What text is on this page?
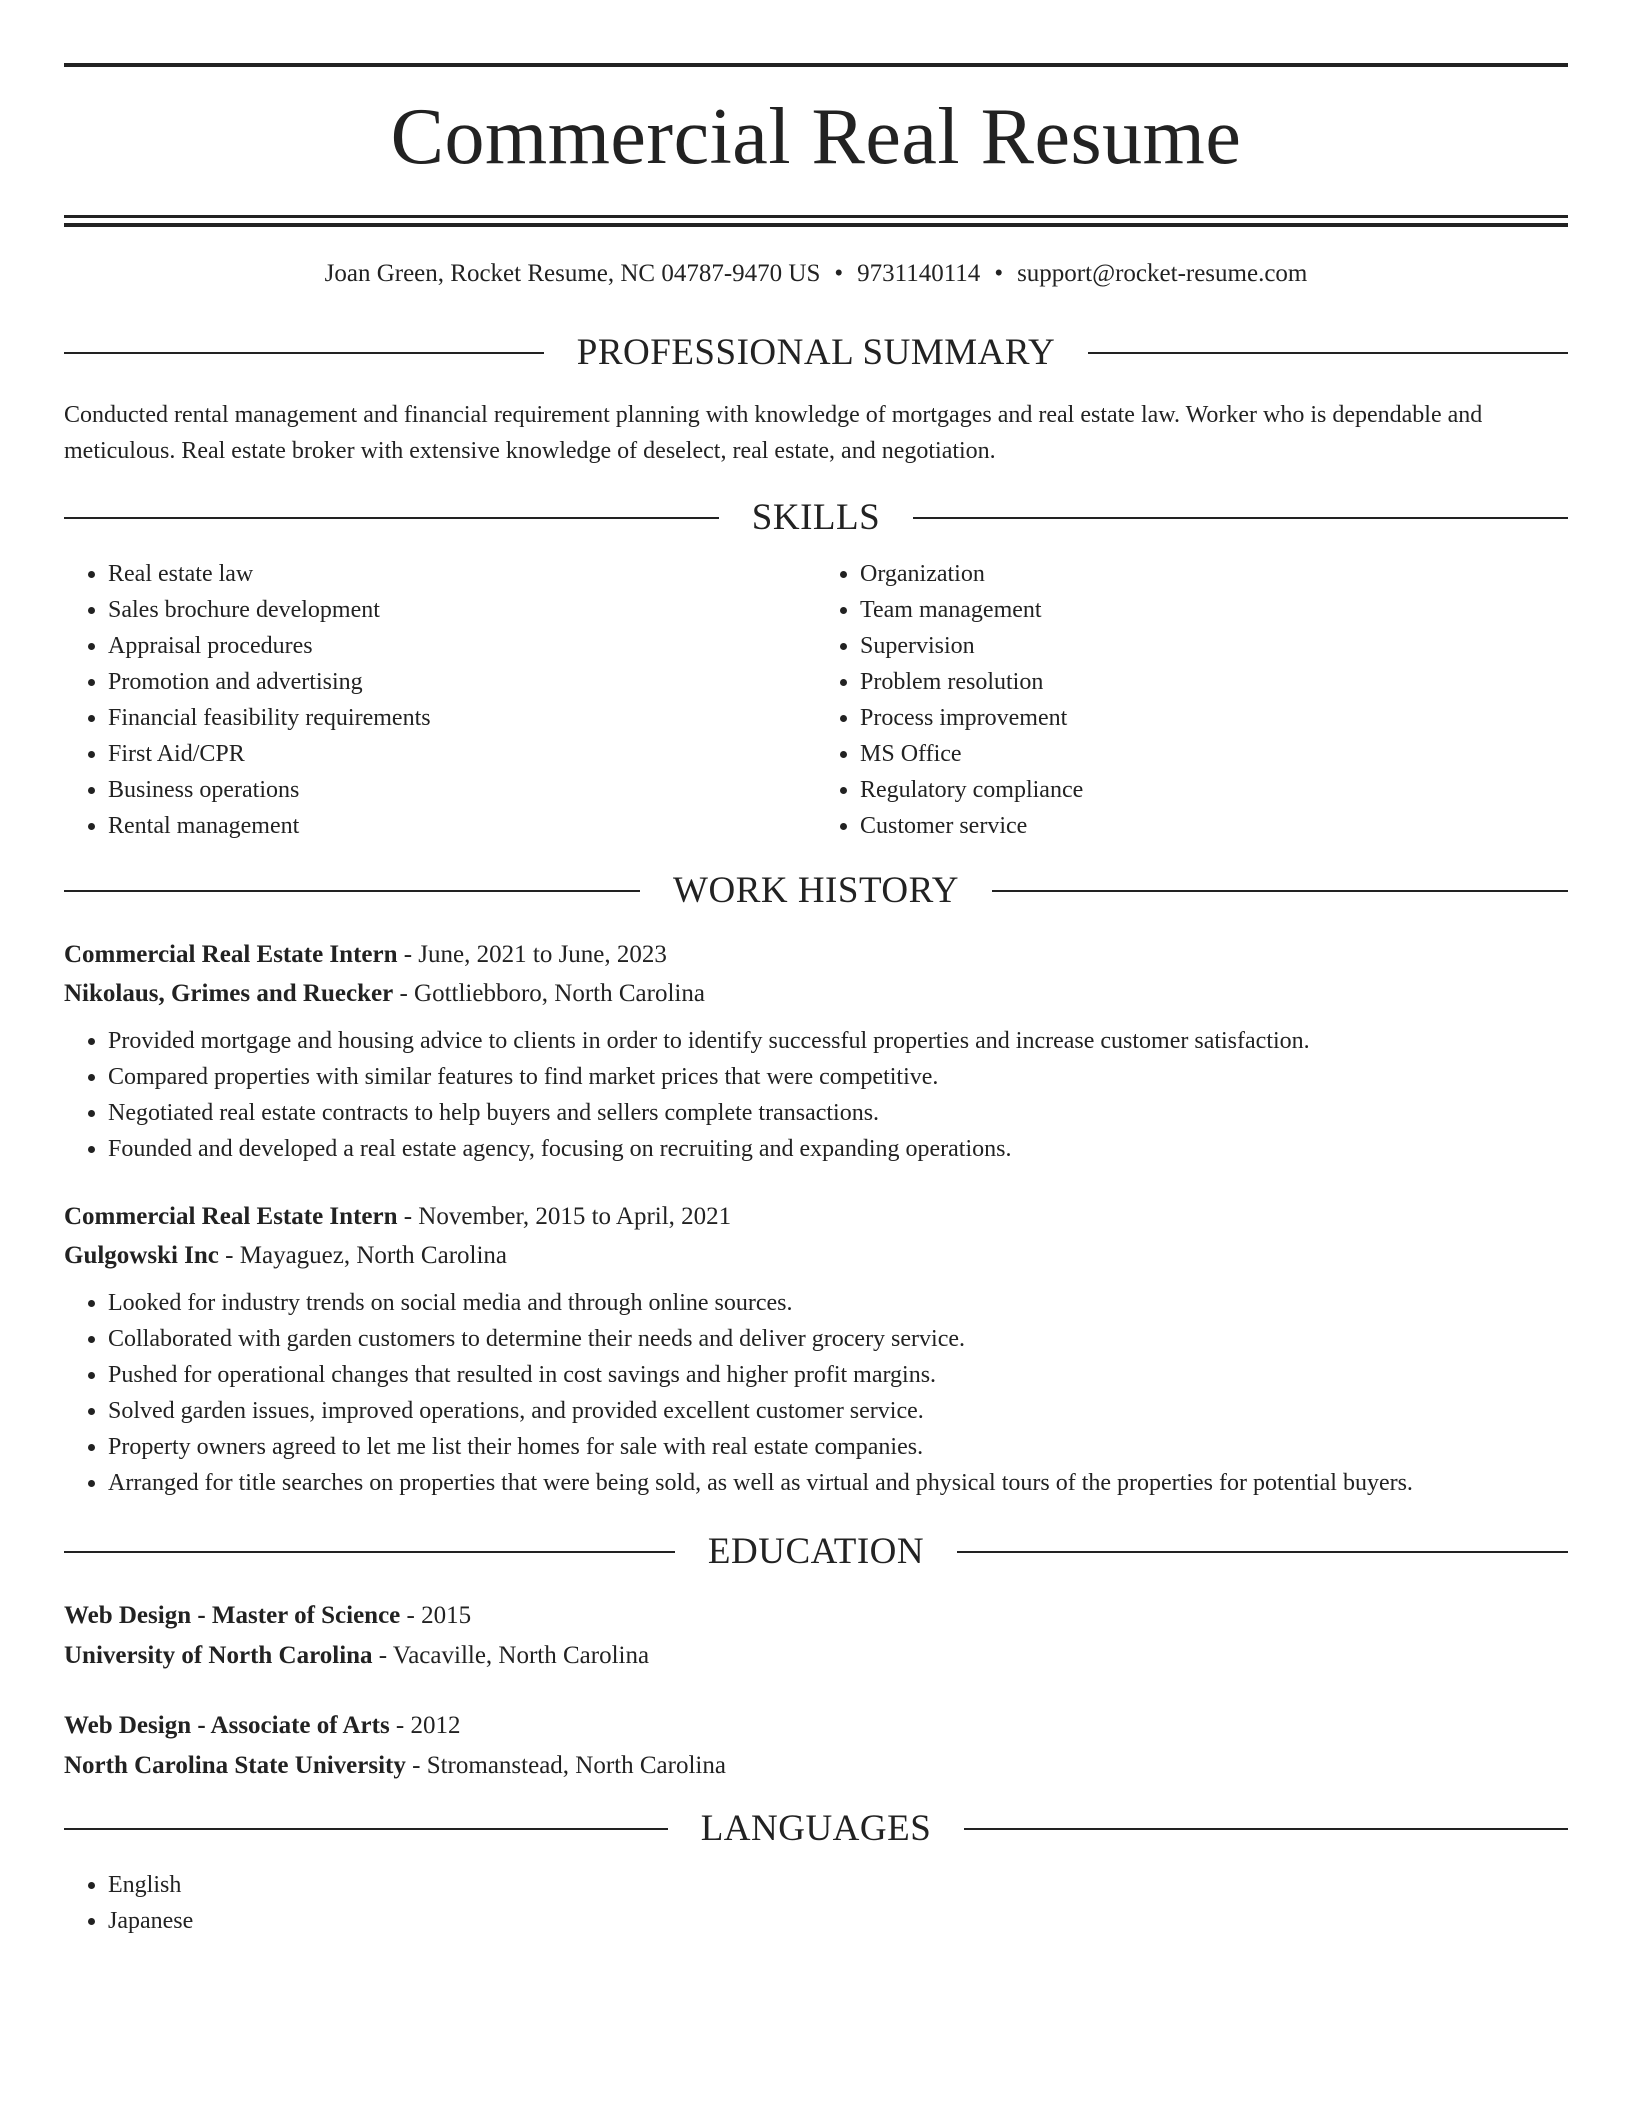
Commercial Real Resume
Joan Green, Rocket Resume, NC 04787-9470 US • 9731140114 • support@rocket-resume.com
PROFESSIONAL SUMMARY

Conducted rental management and financial requirement planning with knowledge of mortgages and real estate law. Worker who is dependable and meticulous. Real estate broker with extensive knowledge of deselect, real estate, and negotiation.

SKILLS
• Real estate law
• Sales brochure development
• Appraisal procedures
• Promotion and advertising
• Financial feasibility requirements
• First Aid/CPR
• Business operations
• Rental management
• Organization
• Team management
• Supervision
• Problem resolution
• Process improvement
• MS Office
• Regulatory compliance
• Customer service
WORK HISTORY
Commercial Real Estate Intern - June, 2021 to June, 2023
Nikolaus, Grimes and Ruecker - Gottliebboro, North Carolina
• Provided mortgage and housing advice to clients in order to identify successful properties and increase customer satisfaction.
• Compared properties with similar features to find market prices that were competitive.
• Negotiated real estate contracts to help buyers and sellers complete transactions.
• Founded and developed a real estate agency, focusing on recruiting and expanding operations.
Commercial Real Estate Intern - November, 2015 to April, 2021
Gulgowski Inc - Mayaguez, North Carolina
• Looked for industry trends on social media and through online sources.
• Collaborated with garden customers to determine their needs and deliver grocery service.
• Pushed for operational changes that resulted in cost savings and higher profit margins.
• Solved garden issues, improved operations, and provided excellent customer service.
• Property owners agreed to let me list their homes for sale with real estate companies.
• Arranged for title searches on properties that were being sold, as well as virtual and physical tours of the properties for potential buyers.
EDUCATION
Web Design - Master of Science - 2015
University of North Carolina - Vacaville, North Carolina
Web Design - Associate of Arts - 2012
North Carolina State University - Stromanstead, North Carolina
LANGUAGES
• English
• Japanese
